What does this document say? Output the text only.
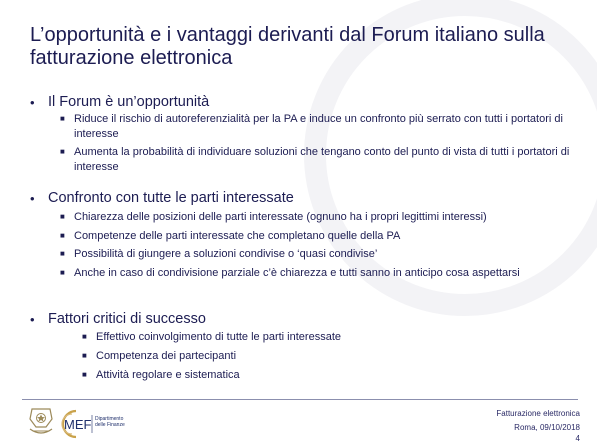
L’opportunità e i vantaggi derivanti dal Forum italiano sulla fatturazione elettronica
• Il Forum è un’opportunità
■ Riduce il rischio di autoreferenzialità per la PA e induce un confronto più serrato con tutti i portatori di interesse
■ Aumenta la probabilità di individuare soluzioni che tengano conto del punto di vista di tutti i portatori di interesse
• Confronto con tutte le parti interessate
■ Chiarezza delle posizioni delle parti interessate (ognuno ha i propri legittimi interessi)
■ Competenze delle parti interessate che completano quelle della PA
■ Possibilità di giungere a soluzioni condivise o ‘quasi condivise’
■ Anche in caso di condivisione parziale c’è chiarezza e tutti sanno in anticipo cosa aspettarsi
• Fattori critici di successo
■ Effettivo coinvolgimento di tutte le parti interessate
■ Competenza dei partecipanti
■ Attività regolare e sistematica
MEF Dipartimento
delle Finanze
Fatturazione elettronica
Roma, 09/10/2018
4
